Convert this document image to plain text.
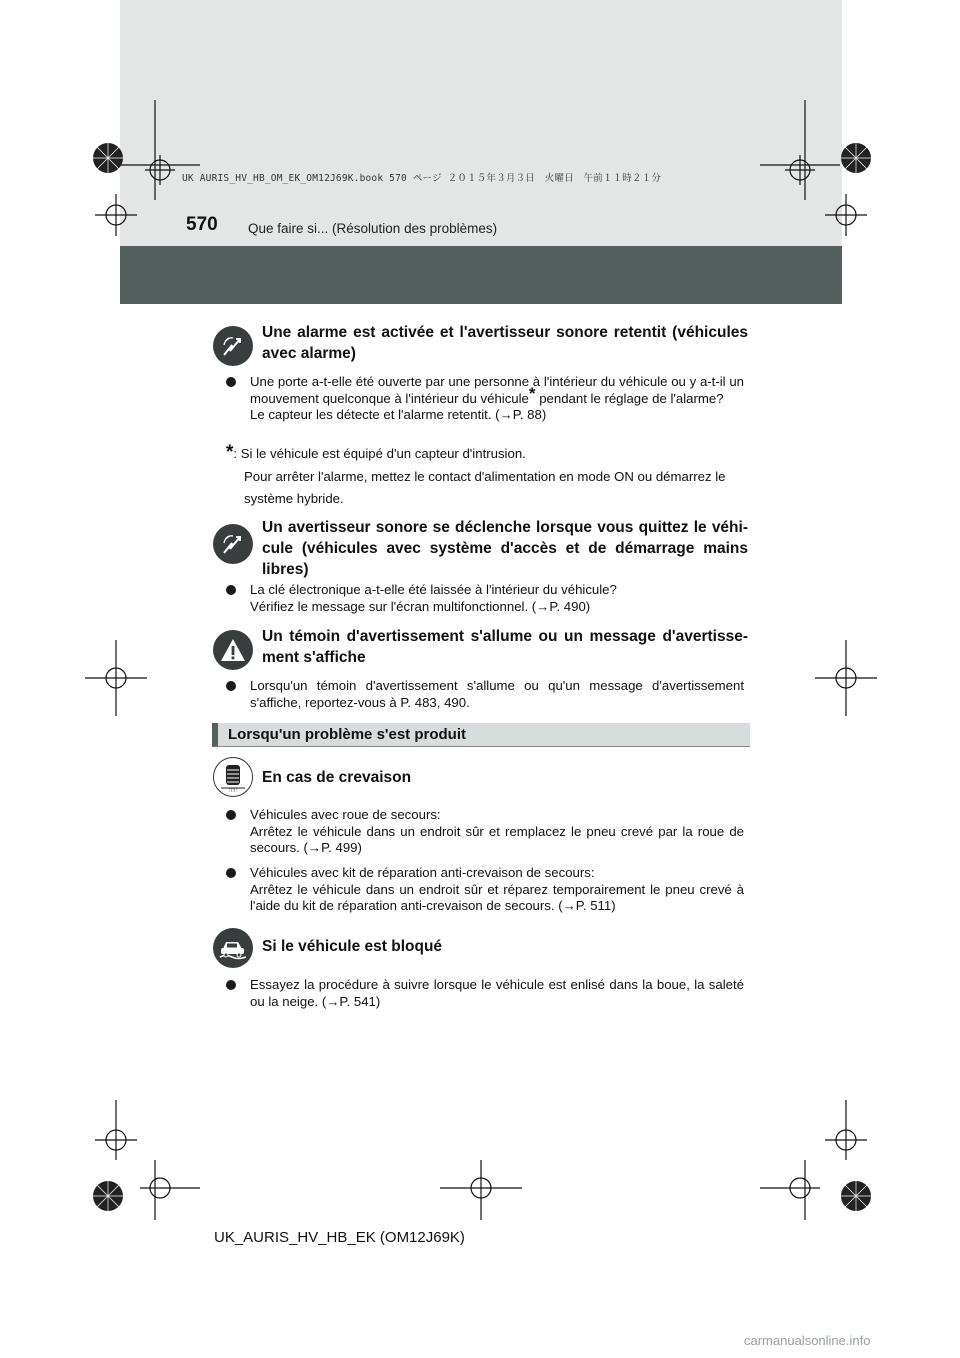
570 Que faire si... (Résolution des problèmes)
UK AURIS_HV_HB_OM_EK_OM12J69K.book 570 ページ ２０１５年３月３日　火曜日　午前１１時２１分
Une alarme est activée et l'avertisseur sonore retentit (véhicules avec alarme)

Une porte a-t-elle été ouverte par une personne à l'intérieur du véhicule ou y a-t-il un mouvement quelconque à l'intérieur du véhicule* pendant le réglage de l'alarme?

Le capteur les détecte et l'alarme retentit. (→P. 88)

*: Si le véhicule est équipé d'un capteur d'intrusion.
Pour arrêter l'alarme, mettez le contact d'alimentation en mode ON ou démarrez le système hybride.
Un avertisseur sonore se déclenche lorsque vous quittez le véhi-
cule (véhicules avec système d'accès et de démarrage mains
libres)

La clé électronique a-t-elle été laissée à l'intérieur du véhicule?

Vérifiez le message sur l'écran multifonctionnel. (→P. 490)

Un témoin d'avertissement s'allume ou un message d'avertisse-
ment s'affiche

Lorsqu'un témoin d'avertissement s'allume ou qu'un message d'avertissement s'affiche, reportez-vous à P. 483, 490.

Lorsqu'un problème s'est produit
!(!)!
En cas de crevaison

Véhicules avec roue de secours:

Arrêtez le véhicule dans un endroit sûr et remplacez le pneu crevé par la roue de secours. (→P. 499)

Véhicules avec kit de réparation anti-crevaison de secours:

Arrêtez le véhicule dans un endroit sûr et réparez temporairement le pneu crevé à l'aide du kit de réparation anti-crevaison de secours. (→P. 511)

Si le véhicule est bloqué

Essayez la procédure à suivre lorsque le véhicule est enlisé dans la boue, la saleté ou la neige. (→P. 541)

UK_AURIS_HV_HB_EK (OM12J69K)
carmanualsonline.info
